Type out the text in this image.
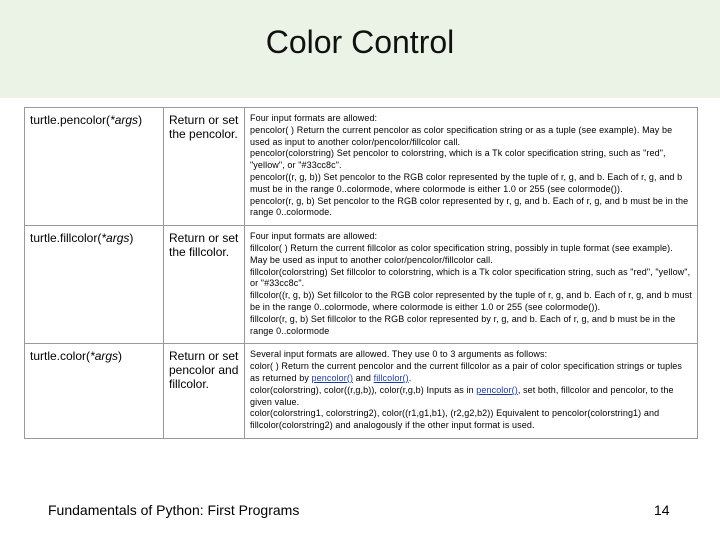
Color Control
turtle.pencolor(*args)	Return or set the pencolor.	Four input formats are allowed:

pencolor( ) Return the current pencolor as color specification string or as a tuple (see example). May be used as input to another color/pencolor/fillcolor call.

pencolor(colorstring) Set pencolor to colorstring, which is a Tk color specification string, such as "red", "yellow", or "#33cc8c".

pencolor((r, g, b)) Set pencolor to the RGB color represented by the tuple of r, g, and b. Each of r, g, and b must be in the range 0..colormode, where colormode is either 1.0 or 255 (see colormode()).

pencolor(r, g, b) Set pencolor to the RGB color represented by r, g, and b. Each of r, g, and b must be in the range 0..colormode.

turtle.fillcolor(*args)	Return or set the fillcolor.	Four input formats are allowed:

fillcolor( ) Return the current fillcolor as color specification string, possibly in tuple format (see example). May be used as input to another color/pencolor/fillcolor call.

fillcolor(colorstring) Set fillcolor to colorstring, which is a Tk color specification string, such as "red", "yellow", or "#33cc8c".

fillcolor((r, g, b)) Set fillcolor to the RGB color represented by the tuple of r, g, and b. Each of r, g, and b must be in the range 0..colormode, where colormode is either 1.0 or 255 (see colormode()).

fillcolor(r, g, b) Set fillcolor to the RGB color represented by r, g, and b. Each of r, g, and b must be in the range 0..colormode

turtle.color(*args)	Return or set pencolor and fillcolor.	Several input formats are allowed. They use 0 to 3 arguments as follows:

color( ) Return the current pencolor and the current fillcolor as a pair of color specification strings or tuples as returned by pencolor() and fillcolor().

color(colorstring), color((r,g,b)), color(r,g,b) Inputs as in pencolor(), set both, fillcolor and pencolor, to the given value.

color(colorstring1, colorstring2), color((r1,g1,b1), (r2,g2,b2)) Equivalent to pencolor(colorstring1) and fillcolor(colorstring2) and analogously if the other input format is used.

Fundamentals of Python: First Programs	14
